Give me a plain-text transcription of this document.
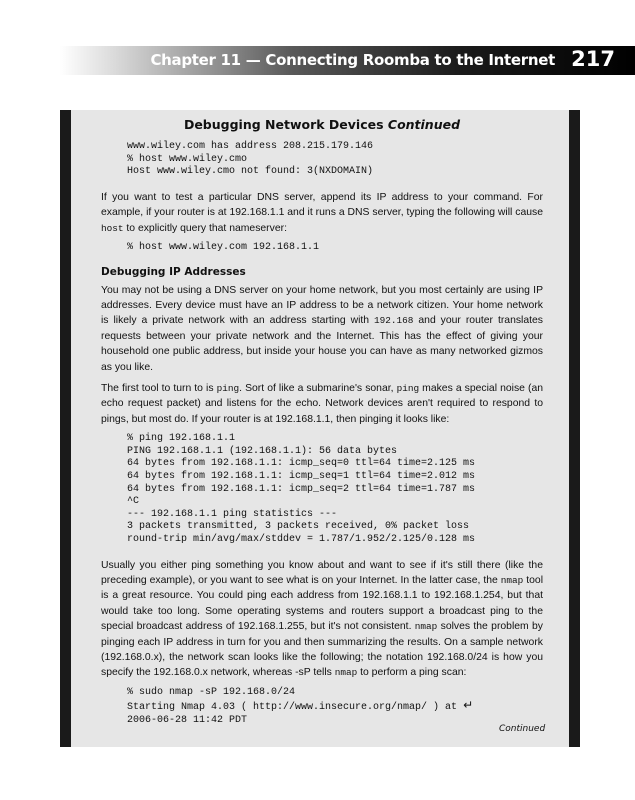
Chapter 11 — Connecting Roomba to the Internet 217
Debugging Network Devices Continued
www.wiley.com has address 208.215.179.146
% host www.wiley.cmo
Host www.wiley.cmo not found: 3(NXDOMAIN)

If you want to test a particular DNS server, append its IP address to your command. For example, if your router is at 192.168.1.1 and it runs a DNS server, typing the following will cause host to explicitly query that nameserver:

% host www.wiley.com 192.168.1.1
Debugging IP Addresses

You may not be using a DNS server on your home network, but you most certainly are using IP addresses. Every device must have an IP address to be a network citizen. Your home network is likely a private network with an address starting with 192.168 and your router translates requests between your private network and the Internet. This has the effect of giving your household one public address, but inside your house you can have as many networked gizmos as you like.

The first tool to turn to is ping. Sort of like a submarine's sonar, ping makes a special noise (an echo request packet) and listens for the echo. Network devices aren't required to respond to pings, but most do. If your router is at 192.168.1.1, then pinging it looks like:

% ping 192.168.1.1
PING 192.168.1.1 (192.168.1.1): 56 data bytes
64 bytes from 192.168.1.1: icmp_seq=0 ttl=64 time=2.125 ms
64 bytes from 192.168.1.1: icmp_seq=1 ttl=64 time=2.012 ms
64 bytes from 192.168.1.1: icmp_seq=2 ttl=64 time=1.787 ms
^C
--- 192.168.1.1 ping statistics ---
3 packets transmitted, 3 packets received, 0% packet loss
round-trip min/avg/max/stddev = 1.787/1.952/2.125/0.128 ms

Usually you either ping something you know about and want to see if it's still there (like the preceding example), or you want to see what is on your Internet. In the latter case, the nmap tool is a great resource. You could ping each address from 192.168.1.1 to 192.168.1.254, but that would take too long. Some operating systems and routers support a broadcast ping to the special broadcast address of 192.168.1.255, but it's not consistent. nmap solves the problem by pinging each IP address in turn for you and then summarizing the results. On a sample network (192.168.0.x), the network scan looks like the following; the notation 192.168.0/24 is how you specify the 192.168.0.x network, whereas -sP tells nmap to perform a ping scan:

% sudo nmap -sP 192.168.0/24
Starting Nmap 4.03 ( http://www.insecure.org/nmap/ ) at ↵
2006-06-28 11:42 PDT
Continued
